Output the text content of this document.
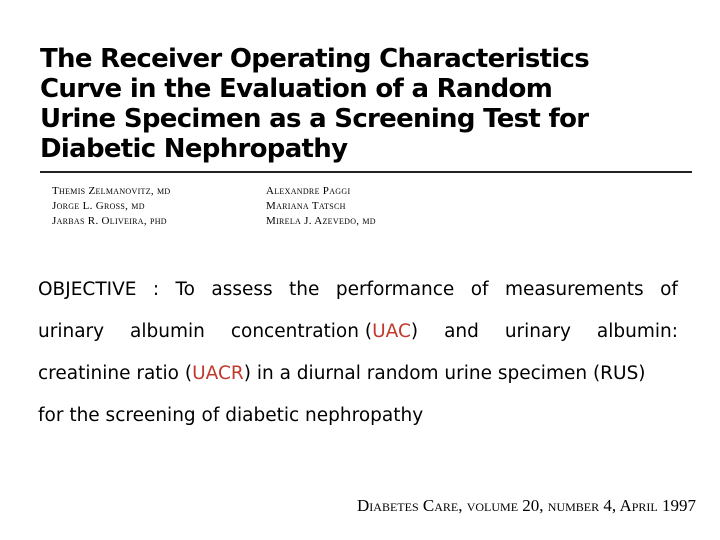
The Receiver Operating Characteristics
Curve in the Evaluation of a Random
Urine Specimen as a Screening Test for
Diabetic Nephropathy
Themis Zelmanovitz, md
Jorge L. Gross, md
Jarbas R. Oliveira, phd
Alexandre Paggi
Mariana Tatsch
Mirela J. Azevedo, md
OBJECTIVE : To assess the performance of measurements of
urinary albumin concentration (UAC) and urinary albumin:
creatinine ratio (UACR) in a diurnal random urine specimen (RUS)
for the screening of diabetic nephropathy
Diabetes Care, volume 20, number 4, April 1997
